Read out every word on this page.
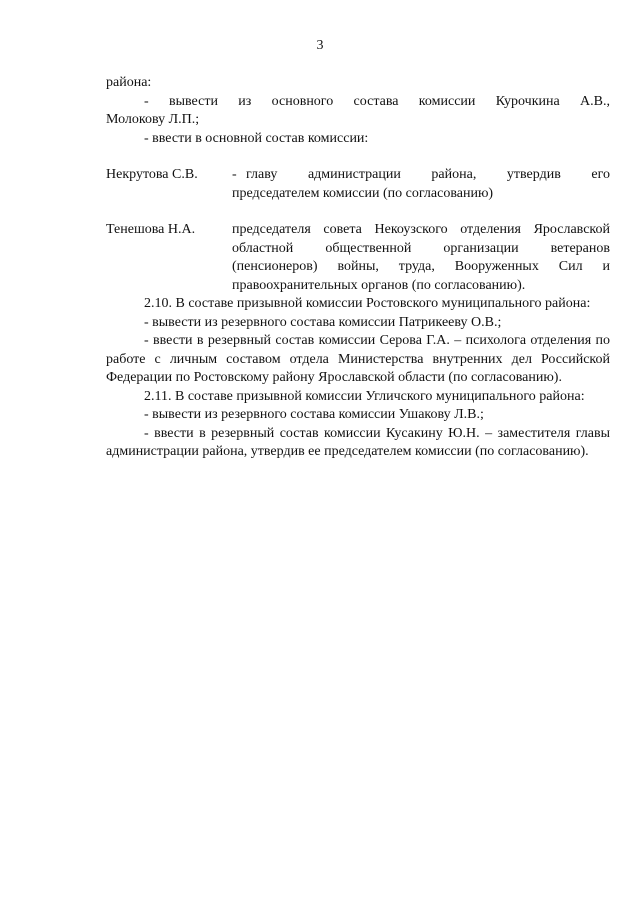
3

района:

- вывести из основного состава комиссии Курочкина А.В.,

Молокову Л.П.;

- ввести в основной состав комиссии:

Некрутова С.В.	- главу администрации района, утвердив его
председателем комиссии (по согласованию)
Тенешова Н.А.	председателя совета Некоузского отделения Ярославской областной общественной организации ветеранов (пенсионеров) войны, труда, Вооруженных Сил и правоохранительных органов (по согласованию).

2.10. В составе призывной комиссии Ростовского муниципального района:

- вывести из резервного состава комиссии Патрикееву О.В.;

- ввести в резервный состав комиссии Серова Г.А. – психолога отделения по работе с личным составом отдела Министерства внутренних дел Российской Федерации по Ростовскому району Ярославской области (по согласованию).

2.11. В составе призывной комиссии Угличского муниципального района:

- вывести из резервного состава комиссии Ушакову Л.В.;

- ввести в резервный состав комиссии Кусакину Ю.Н. – заместителя главы администрации района, утвердив ее председателем комиссии (по согласованию).
